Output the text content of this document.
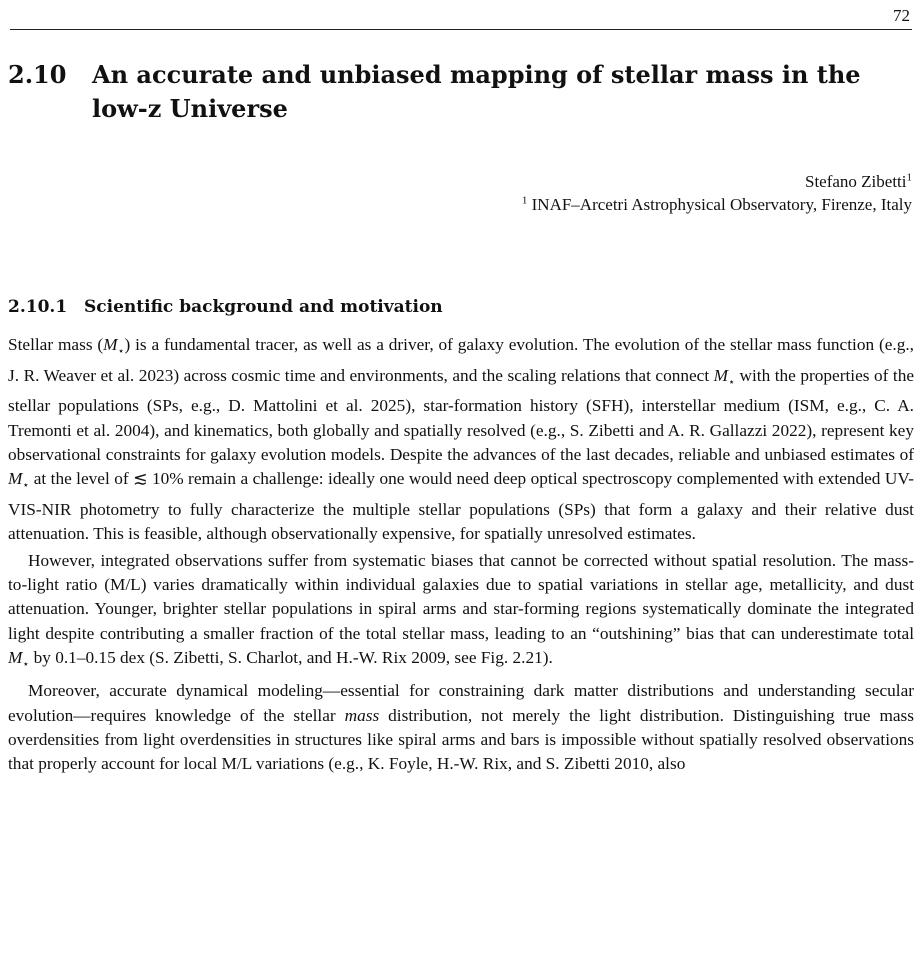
72
2.10 An accurate and unbiased mapping of stellar mass in the
low-z Universe
Stefano Zibetti$^1$
$^1$ INAF–Arcetri Astrophysical Observatory, Firenze, Italy
2.10.1 Scientific background and motivation

Stellar mass $(M_⋆)$ is a fundamental tracer, as well as a driver, of galaxy evolution. The evolution of the stellar mass function (e.g., J. R. Weaver et al. 2023) across cosmic time and environments, and the scaling relations that connect $M_⋆$ with the properties of the stellar populations (SPs, e.g., D. Mattolini et al. 2025), star-formation history (SFH), interstellar medium (ISM, e.g., C. A. Tremonti et al. 2004), and kinematics, both globally and spatially resolved (e.g., S. Zibetti and A. R. Gallazzi 2022), represent key observational constraints for galaxy evolution models. Despite the advances of the last decades, reliable and unbiased estimates of $M_⋆$ at the level of ≲ 10% remain a challenge: ideally one would need deep optical spectroscopy complemented with extended UV-VIS-NIR photometry to fully characterize the multiple stellar populations (SPs) that form a galaxy and their relative dust attenuation. This is feasible, although observationally expensive, for spatially unresolved estimates.

However, integrated observations suffer from systematic biases that cannot be corrected without spatial resolution. The mass-to-light ratio (M/L) varies dramatically within individual galaxies due to spatial variations in stellar age, metallicity, and dust attenuation. Younger, brighter stellar populations in spiral arms and star-forming regions systematically dominate the integrated light despite contributing a smaller fraction of the total stellar mass, leading to an “outshining” bias that can underestimate total $M_⋆$ by 0.1–0.15 dex (S. Zibetti, S. Charlot, and H.-W. Rix 2009, see Fig. 2.21).

Moreover, accurate dynamical modeling—essential for constraining dark matter distributions and understanding secular evolution—requires knowledge of the stellar mass distribution, not merely the light distribution. Distinguishing true mass overdensities from light overdensities in structures like spiral arms and bars is impossible without spatially resolved observations that properly account for local M/L variations (e.g., K. Foyle, H.-W. Rix, and S. Zibetti 2010, also
